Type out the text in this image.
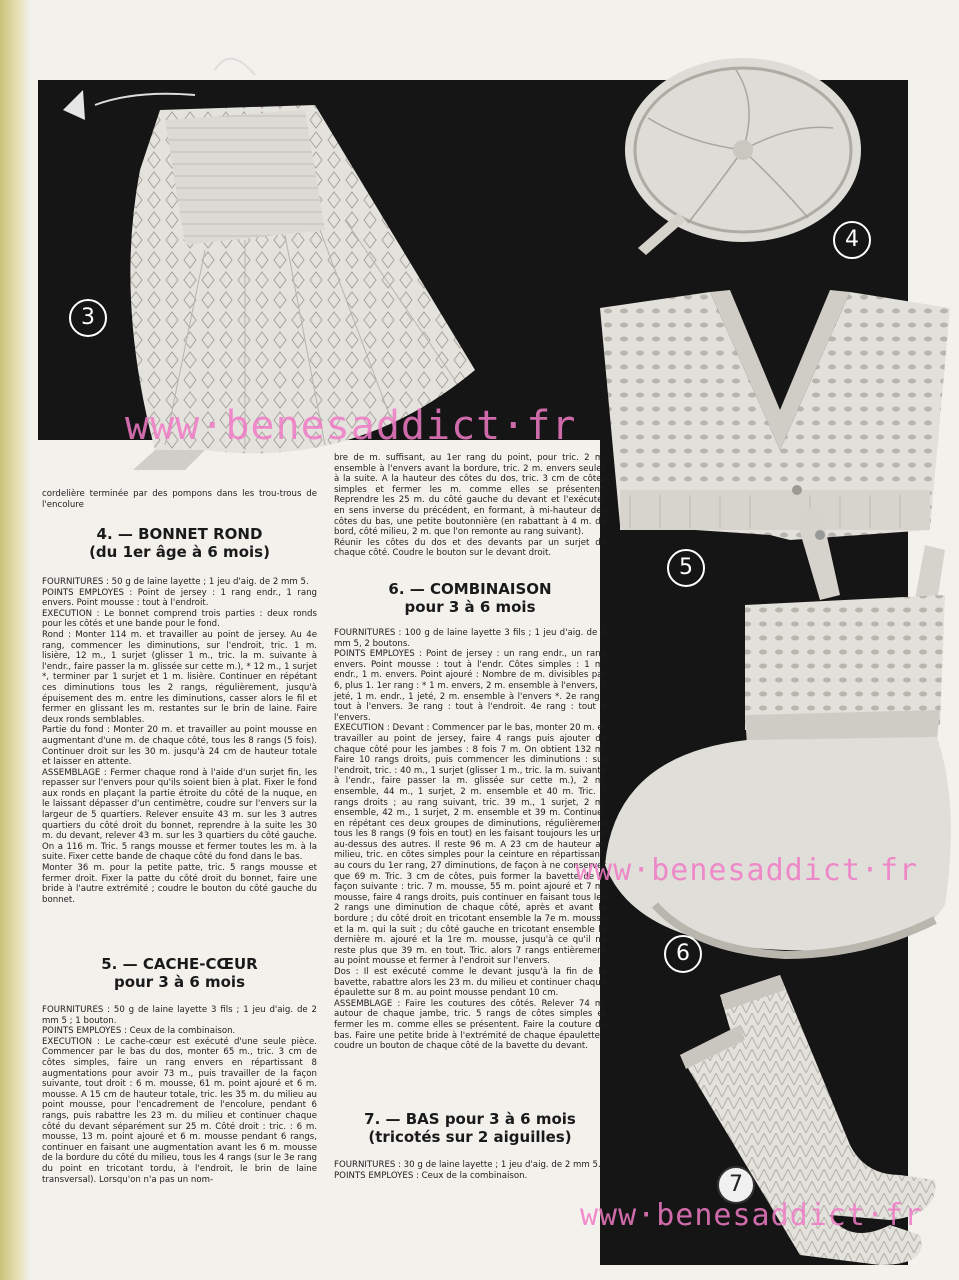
3
4
5
6
7
cordelière terminée par des pompons dans les trou-trous de l'encolure
4. — BONNET ROND
(du 1er âge à 6 mois)

FOURNITURES : 50 g de laine layette ; 1 jeu d'aig. de 2 mm 5.

POINTS EMPLOYES : Point de jersey : 1 rang endr., 1 rang envers. Point mousse : tout à l'endroit.

EXECUTION : Le bonnet comprend trois parties : deux ronds pour les côtés et une bande pour le fond.

Rond : Monter 114 m. et travailler au point de jersey. Au 4e rang, commencer les diminutions, sur l'endroit, tric. 1 m. lisière, 12 m., 1 surjet (glisser 1 m., tric. la m. suivante à l'endr., faire passer la m. glissée sur cette m.), * 12 m., 1 surjet *, terminer par 1 surjet et 1 m. lisière. Continuer en répétant ces diminutions tous les 2 rangs, régulièrement, jusqu'à épuisement des m. entre les diminutions, casser alors le fil et fermer en glissant les m. restantes sur le brin de laine. Faire deux ronds semblables.

Partie du fond : Monter 20 m. et travailler au point mousse en augmentant d'une m. de chaque côté, tous les 8 rangs (5 fois). Continuer droit sur les 30 m. jusqu'à 24 cm de hauteur totale et laisser en attente.

ASSEMBLAGE : Fermer chaque rond à l'aide d'un surjet fin, les repasser sur l'envers pour qu'ils soient bien à plat. Fixer le fond aux ronds en plaçant la partie étroite du côté de la nuque, en le laissant dépasser d'un centimètre, coudre sur l'envers sur la largeur de 5 quartiers. Relever ensuite 43 m. sur les 3 autres quartiers du côté droit du bonnet, reprendre à la suite les 30 m. du devant, relever 43 m. sur les 3 quartiers du côté gauche. On a 116 m. Tric. 5 rangs mousse et fermer toutes les m. à la suite. Fixer cette bande de chaque côté du fond dans le bas.

Monter 36 m. pour la petite patte, tric. 5 rangs mousse et fermer droit. Fixer la patte du côté droit du bonnet, faire une bride à l'autre extrémité ; coudre le bouton du côté gauche du bonnet.

5. — CACHE-CŒUR
pour 3 à 6 mois

FOURNITURES : 50 g de laine layette 3 fils ; 1 jeu d'aig. de 2 mm 5 ; 1 bouton.

POINTS EMPLOYES : Ceux de la combinaison.

EXECUTION : Le cache-cœur est exécuté d'une seule pièce. Commencer par le bas du dos, monter 65 m., tric. 3 cm de côtes simples, faire un rang envers en répartissant 8 augmentations pour avoir 73 m., puis travailler de la façon suivante, tout droit : 6 m. mousse, 61 m. point ajouré et 6 m. mousse. A 15 cm de hauteur totale, tric. les 35 m. du milieu au point mousse, pour l'encadrement de l'encolure, pendant 6 rangs, puis rabattre les 23 m. du milieu et continuer chaque côté du devant séparément sur 25 m. Côté droit : tric. : 6 m. mousse, 13 m. point ajouré et 6 m. mousse pendant 6 rangs, continuer en faisant une augmentation avant les 6 m. mousse de la bordure du côté du milieu, tous les 4 rangs (sur le 3e rang du point en tricotant tordu, à l'endroit, le brin de laine transversal). Lorsqu'on n'a pas un nom-

bre de m. suffisant, au 1er rang du point, pour tric. 2 m. ensemble à l'envers avant la bordure, tric. 2 m. envers seules à la suite. A la hauteur des côtes du dos, tric. 3 cm de côtes simples et fermer les m. comme elles se présentent. Reprendre les 25 m. du côté gauche du devant et l'exécuter en sens inverse du précédent, en formant, à mi-hauteur des côtes du bas, une petite boutonnière (en rabattant à 4 m. du bord, côté milieu, 2 m. que l'on remonte au rang suivant).

Réunir les côtes du dos et des devants par un surjet de chaque côté. Coudre le bouton sur le devant droit.

6. — COMBINAISON
pour 3 à 6 mois

FOURNITURES : 100 g de laine layette 3 fils ; 1 jeu d'aig. de 2 mm 5, 2 boutons.

POINTS EMPLOYES : Point de jersey : un rang endr., un rang envers. Point mousse : tout à l'endr. Côtes simples : 1 m. endr., 1 m. envers. Point ajouré : Nombre de m. divisibles par 6, plus 1. 1er rang : * 1 m. envers, 2 m. ensemble à l'envers, 1 jeté, 1 m. endr., 1 jeté, 2 m. ensemble à l'envers *. 2e rang : tout à l'envers. 3e rang : tout à l'endroit. 4e rang : tout à l'envers.

EXECUTION : Devant : Commencer par le bas, monter 20 m. et travailler au point de jersey, faire 4 rangs puis ajouter de chaque côté pour les jambes : 8 fois 7 m. On obtient 132 m. Faire 10 rangs droits, puis commencer les diminutions : sur l'endroit, tric. : 40 m., 1 surjet (glisser 1 m., tric. la m. suivante à l'endr., faire passer la m. glissée sur cette m.), 2 m. ensemble, 44 m., 1 surjet, 2 m. ensemble et 40 m. Tric. 7 rangs droits ; au rang suivant, tric. 39 m., 1 surjet, 2 m. ensemble, 42 m., 1 surjet, 2 m. ensemble et 39 m. Continuer en répétant ces deux groupes de diminutions, régulièrement tous les 8 rangs (9 fois en tout) en les faisant toujours les uns au-dessus des autres. Il reste 96 m. A 23 cm de hauteur au milieu, tric. en côtes simples pour la ceinture en répartissant, au cours du 1er rang, 27 diminutions, de façon à ne conserver que 69 m. Tric. 3 cm de côtes, puis former la bavette de la façon suivante : tric. 7 m. mousse, 55 m. point ajouré et 7 m. mousse, faire 4 rangs droits, puis continuer en faisant tous les 2 rangs une diminution de chaque côté, après et avant la bordure ; du côté droit en tricotant ensemble la 7e m. mousse et la m. qui la suit ; du côté gauche en tricotant ensemble la dernière m. ajouré et la 1re m. mousse, jusqu'à ce qu'il ne reste plus que 39 m. en tout. Tric. alors 7 rangs entièrement au point mousse et fermer à l'endroit sur l'envers.

Dos : Il est exécuté comme le devant jusqu'à la fin de la bavette, rabattre alors les 23 m. du milieu et continuer chaque épaulette sur 8 m. au point mousse pendant 10 cm.

ASSEMBLAGE : Faire les coutures des côtés. Relever 74 m. autour de chaque jambe, tric. 5 rangs de côtes simples et fermer les m. comme elles se présentent. Faire la couture du bas. Faire une petite bride à l'extrémité de chaque épaulette ; coudre un bouton de chaque côté de la bavette du devant.

7. — BAS pour 3 à 6 mois
(tricotés sur 2 aiguilles)

FOURNITURES : 30 g de laine layette ; 1 jeu d'aig. de 2 mm 5.

POINTS EMPLOYES : Ceux de la combinaison.

www·benesaddict·fr
www·benesaddict·fr
www·benesaddict·fr
